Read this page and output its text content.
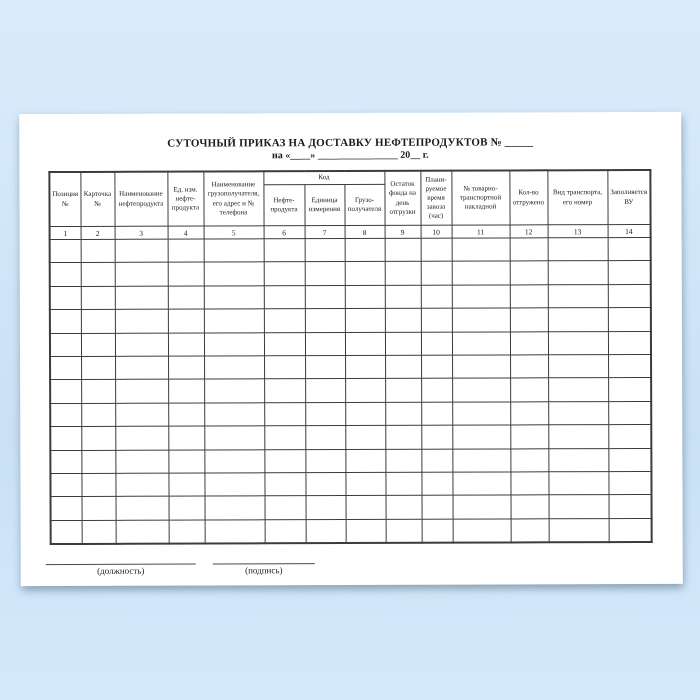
СУТОЧНЫЙ ПРИКАЗ НА ДОСТАВКУ НЕФТЕПРОДУКТОВ № _____
на «____» ________________ 20__ г.
Позиция №	Карточка №	Наименование нефтепродукта	Ед. изм. нефтепродукта	Наименование грузополучателя, его адрес и № телефона	Код			Остаток фонда на день отгрузки	Планируемое время завоза (час)	№ товарно-транспортной накладной	Кол-во отгружено	Вид транспорта, его номер	Заполняется ВУ
					Нефтепродукта	Единица измерения	Грузополучателя						
1	2	3	4	5	6	7	8	9	10	11	12	13	14

(должность)	(подпись)
